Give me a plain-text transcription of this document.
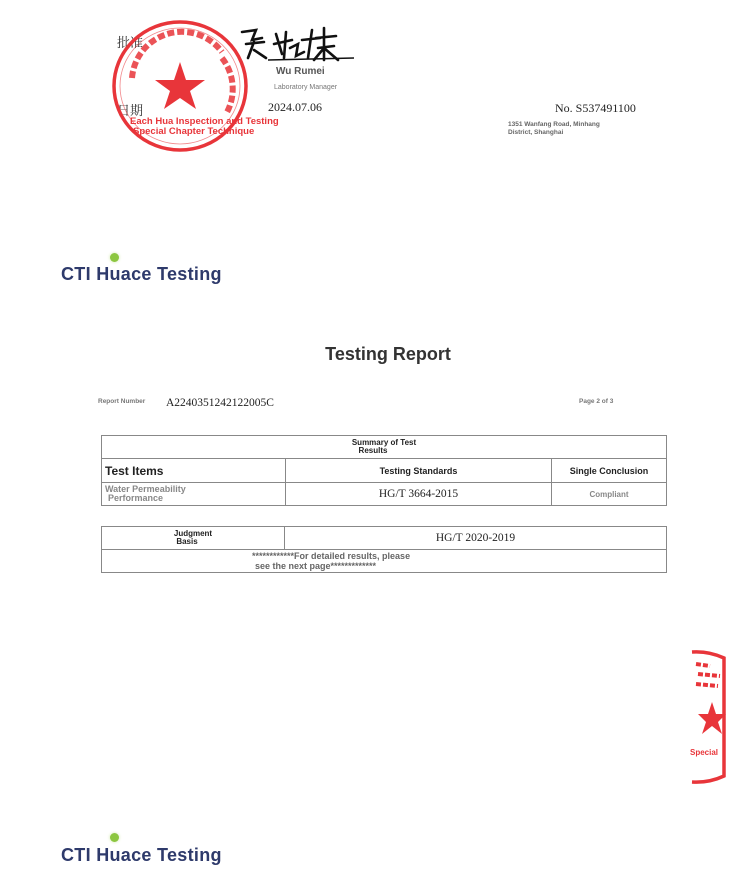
批准
日期
Wu Rumei
Laboratory Manager
2024.07.06	No. S537491100
1351 Wanfang Road, Minhang
District, Shanghai
Each Hua Inspection and Testing
Special Chapter Technique
CTI Huace Testing
Testing Report
Report Number A2240351242122005C	Page 2 of 3
Summary of Test
Results		

Test Items	Testing Standards	Single Conclusion

Water Permeability
Performance	HG/T 3664-2015	Compliant
Judgment
Basis	HG/T 2020-2019

************For detailed results, please
see the next page*************
Special
CTI Huace Testing
